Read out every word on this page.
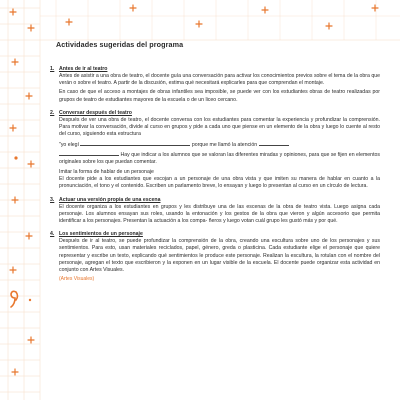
Actividades sugeridas del programa
1. Antes de ir al teatro

Antes de asistir a una obra de teatro, el docente guía una conversación para activar los conocimientos previos sobre el tema de la obra que verán o sobre el teatro. A partir de la discusión, estima qué necesitará explicarles para que comprendan el montaje.

En caso de que el acceso a montajes de obras infantiles sea imposible, se puede ver con los estudiantes obras de teatro realizadas por grupos de teatro de estudiantes mayores de la escuela o de un liceo cercano.

2. Conversar después del teatro

Después de ver una obra de teatro, el docente conversa con los estudiantes para comentar la experiencia y profundizar la comprensión. Para motivar la conversación, divide al curso en grupos y pide a cada uno que piense en un elemento de la obra y luego lo cuente al resto del curso, siguiendo esta estructura

"yo elegí	porque me llamó la atención
Hay que indicar a los alumnos que se valoran las diferentes miradas y opiniones, para que se fijen en elementos originales sobre los que puedan comentar.

Imitar la forma de hablar de un personaje

El docente pide a los estudiantes que escojan a un personaje de una obra vista y que imiten su manera de hablar en cuanto a la pronunciación, el tono y el contenido. Escriben un parlamento breve, lo ensayan y luego lo presentan al curso en un círculo de lectura.

3. Actuar una versión propia de una escena

El docente organiza a los estudiantes en grupos y les distribuye una de las escenas de la obra de teatro vista. Luego asigna cada personaje. Los alumnos ensayan sus roles, usando la entonación y los gestos de la obra que vieron y algún accesorio que permita identificar a los personajes. Presentan la actuación a los compa- ñeros y luego votan cuál grupo les gustó más y por qué.

4. Los sentimientos de un personaje

Después de ir al teatro, se puede profundizar la comprensión de la obra, creando una escultura sobre uno de los personajes y sus sentimientos. Para esto, usan materiales reciclados, papel, género, greda o plasticina. Cada estudiante elige el personaje que quiere representar y escribe un texto, explicando qué sentimientos le produce este personaje. Realizan la escultura, la rotulan con el nombre del personaje, agregan el texto que escribieron y la exponen en un lugar visible de la escuela. El docente puede organizar esta actividad en conjunto con Artes Visuales.

(Artes Visuales)
